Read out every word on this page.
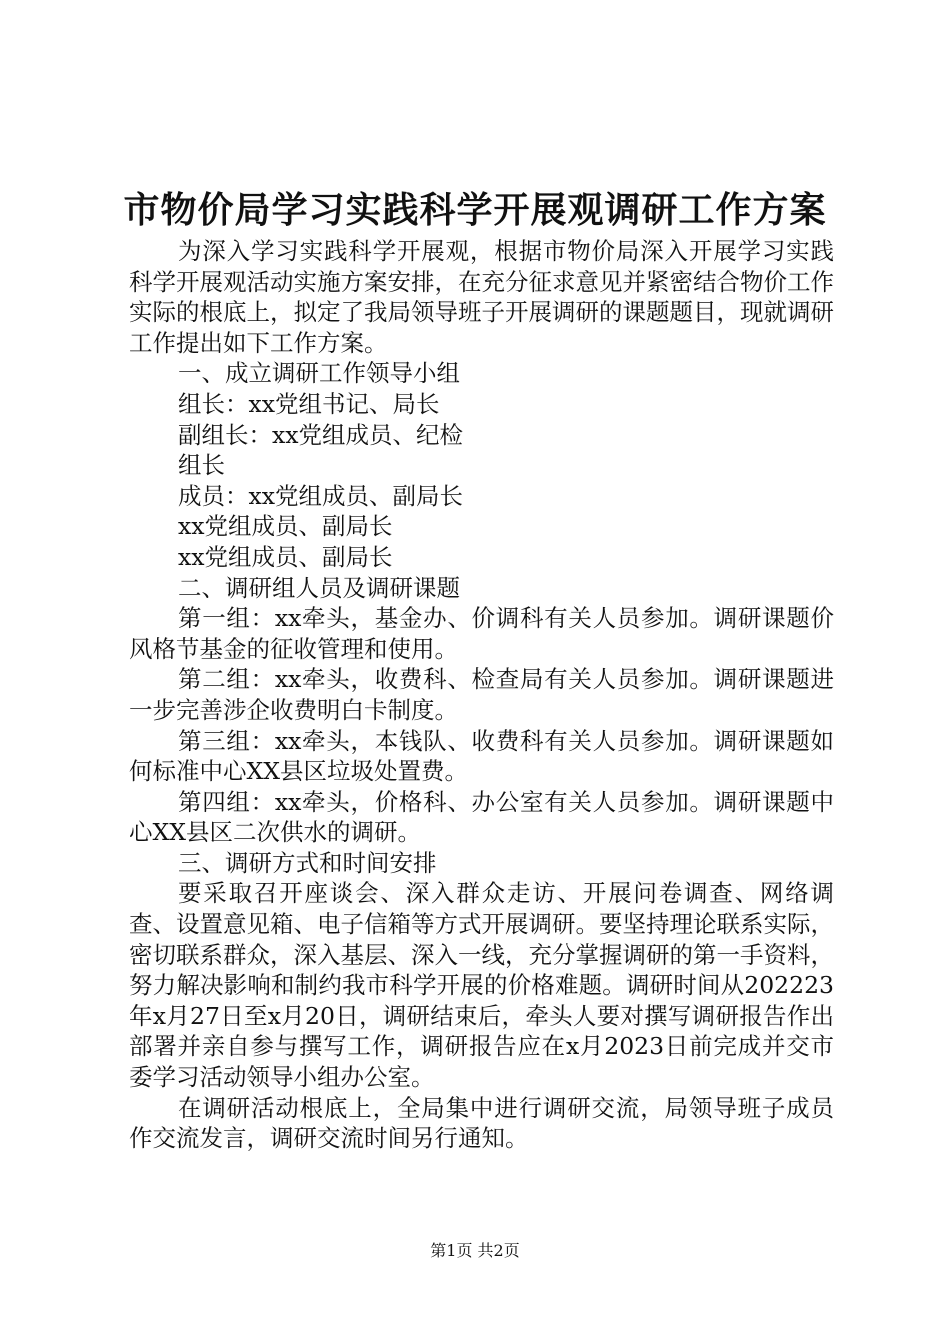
市物价局学习实践科学开展观调研工作方案

为深入学习实践科学开展观，根据市物价局深入开展学习实践科学开展观活动实施方案安排，在充分征求意见并紧密结合物价工作实际的根底上，拟定了我局领导班子开展调研的课题题目，现就调研工作提出如下工作方案。

一、成立调研工作领导小组

组长：xx党组书记、局长

副组长：xx党组成员、纪检

组长

成员：xx党组成员、副局长

xx党组成员、副局长

xx党组成员、副局长

二、调研组人员及调研课题

第一组：xx牵头，基金办、价调科有关人员参加。调研课题价风格节基金的征收管理和使用。

第二组：xx牵头，收费科、检查局有关人员参加。调研课题进一步完善涉企收费明白卡制度。

第三组：xx牵头，本钱队、收费科有关人员参加。调研课题如何标准中心XX县区垃圾处置费。

第四组：xx牵头，价格科、办公室有关人员参加。调研课题中心XX县区二次供水的调研。

三、调研方式和时间安排

要采取召开座谈会、深入群众走访、开展问卷调查、网络调查、设置意见箱、电子信箱等方式开展调研。要坚持理论联系实际，密切联系群众，深入基层、深入一线，充分掌握调研的第一手资料，努力解决影响和制约我市科学开展的价格难题。调研时间从202223年x月27日至x月20日，调研结束后，牵头人要对撰写调研报告作出部署并亲自参与撰写工作，调研报告应在x月2023日前完成并交市委学习活动领导小组办公室。

在调研活动根底上，全局集中进行调研交流，局领导班子成员作交流发言，调研交流时间另行通知。

第1页 共2页
